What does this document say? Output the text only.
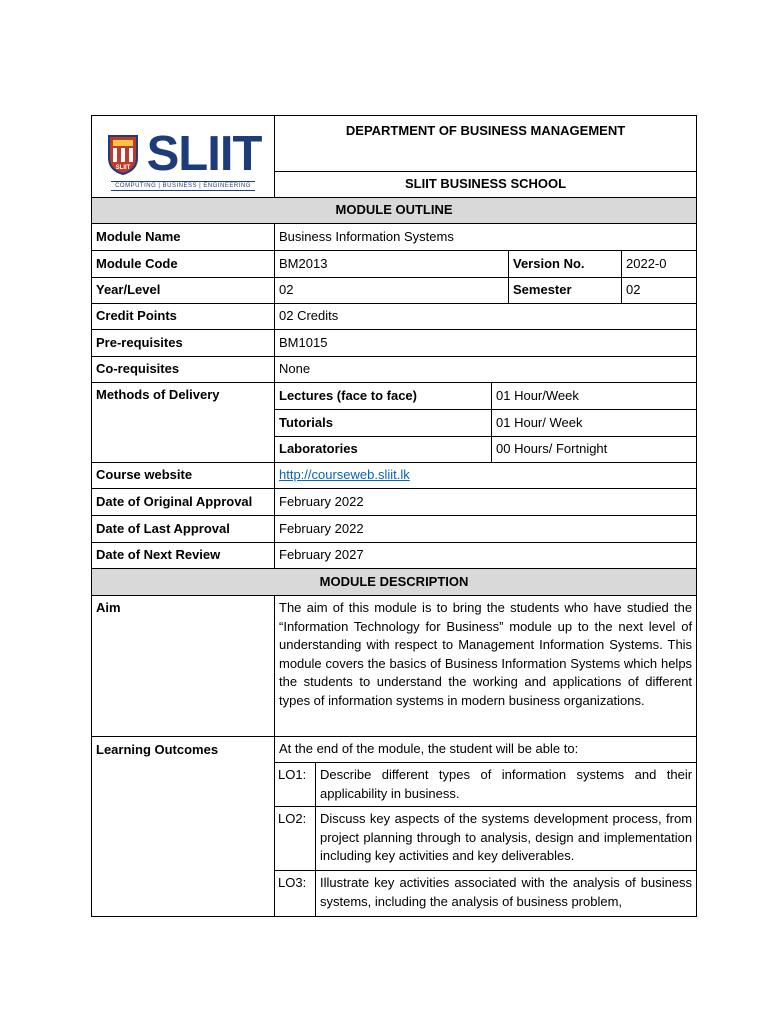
SLIIT SLIIT
COMPUTING | BUSINESS | ENGINEERING
	DEPARTMENT OF BUSINESS MANAGEMENT
SLIIT BUSINESS SCHOOL
MODULE OUTLINE
Module Name	Business Information Systems
Module Code	BM2013	Version No.	2022-0
Year/Level	02	Semester	02
Credit Points	02 Credits
Pre-requisites	BM1015
Co-requisites	None
Methods of Delivery	Lectures (face to face)	01 Hour/Week
Tutorials	01 Hour/ Week
Laboratories	00 Hours/ Fortnight
Course website	http://courseweb.sliit.lk
Date of Original Approval	February 2022
Date of Last Approval	February 2022
Date of Next Review	February 2027
MODULE DESCRIPTION
Aim	The aim of this module is to bring the students who have studied the “Information Technology for Business” module up to the next level of understanding with respect to Management Information Systems. This module covers the basics of Business Information Systems which helps the students to understand the working and applications of different types of information systems in modern business organizations.
Learning Outcomes	At the end of the module, the student will be able to:

LO1:	Describe different types of information systems and their applicability in business.
LO2:	Discuss key aspects of the systems development process, from project planning through to analysis, design and implementation including key activities and key deliverables.
LO3:	Illustrate key activities associated with the analysis of business systems, including the analysis of business problem,
